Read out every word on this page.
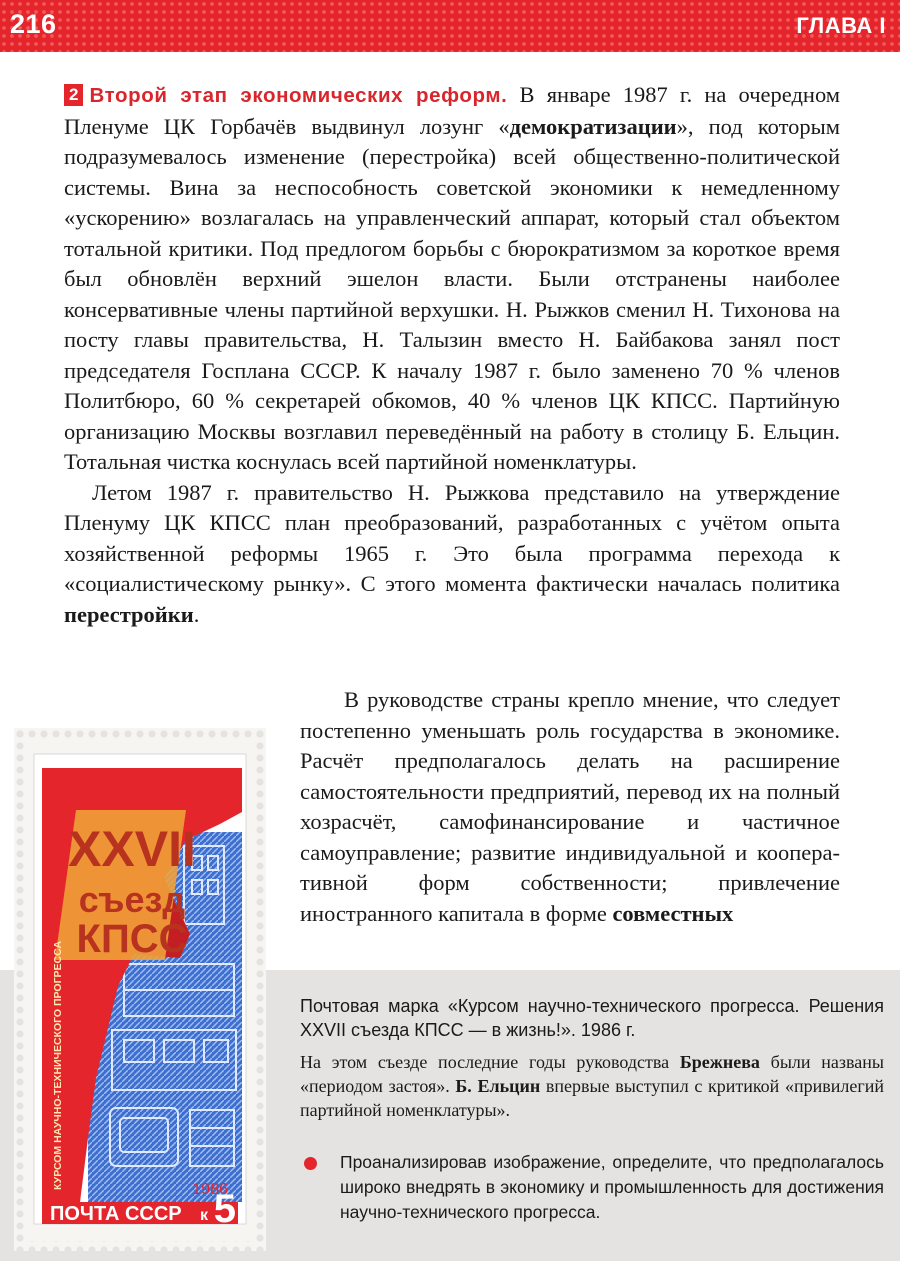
216	ГЛАВА I

2 Второй этап экономических реформ. В январе 1987 г. на очередном Пленуме ЦК Горбачёв выдвинул лозунг «демократизации», под которым подразумевалось изменение (перестройка) всей общественно-политической системы. Вина за неспособность советской экономики к немедленному «ускорению» возлагалась на управленческий аппарат, который стал объектом тотальной критики. Под предлогом борьбы с бюрократизмом за короткое время был обновлён верхний эшелон власти. Были отстранены наиболее консервативные члены партийной верхушки. Н. Рыжков сменил Н. Тихонова на посту главы правительства, Н. Талызин вместо Н. Байбакова занял пост председателя Госплана СССР. К началу 1987 г. было заменено 70 % членов Политбюро, 60 % секретарей обкомов, 40 % членов ЦК КПСС. Партийную организацию Москвы возглавил переведённый на работу в столицу Б. Ельцин. Тотальная чистка коснулась всей партийной номенклатуры.

Летом 1987 г. правительство Н. Рыжкова представило на утверждение Пленуму ЦК КПСС план преобразований, разработанных с учётом опыта хозяйственной реформы 1965 г. Это была программа перехода к «социалистическому рынку». С этого момента фактически началась политика перестройки.

В руководстве страны крепло мнение, что следует постепенно уменьшать роль государства в экономике. Расчёт предполагалось делать на расширение самостоятельности предприятий, перевод их на полный хозрасчёт, самофинансирование и частичное самоуправление; развитие индивидуальной и кооперативной форм собственности; привлечение иностранного капитала в форме совместных

Почтовая марка «Курсом научно-технического прогресса. Решения XXVII съезда КПСС — в жизнь!». 1986 г.
На этом съезде последние годы руководства Брежнева были названы «периодом застоя». Б. Ельцин впервые выступил с критикой «привилегий партийной номенклатуры».
Проанализировав изображение, определите, что предполагалось широко внедрять в экономику и промышленность для достижения научно-технического прогресса.
XXVII
съезд
КПСС
КУРСОМ НАУЧНО-ТЕХНИЧЕСКОГО ПРОГРЕССА	1986
ПОЧТА СССР к 5
